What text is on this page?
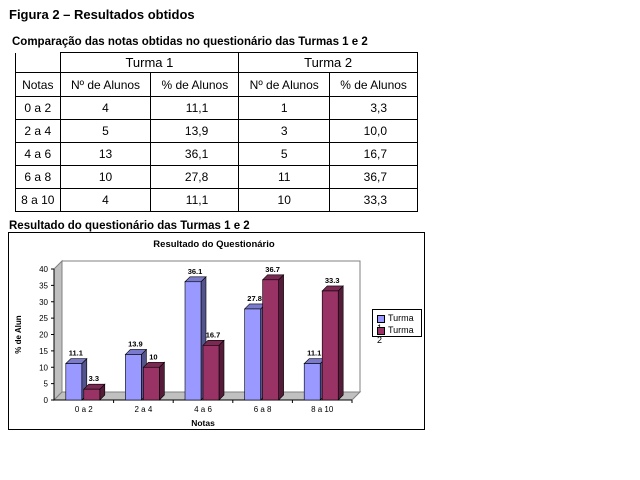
Figura 2 – Resultados obtidos
Comparação das notas obtidas no questionário das Turmas 1 e 2
	Turma 1		Turma 2	
Notas	Nº de Alunos	% de Alunos	Nº de Alunos	% de Alunos
0 a 2	4	11,1	1	3,3
2 a 4	5	13,9	3	10,0
4 a 6	13	36,1	5	16,7
6 a 8	10	27,8	11	36,7
8 a 10	4	11,1	10	33,3
Resultado do questionário das Turmas 1 e 2
Resultado do Questionário
0
5
10
15
20
25
30
35
40
% de Alun
0 a 2
11.1
3.3
2 a 4
13.9
10
4 a 6
36.1
16.7
6 a 8
27.8
36.7
8 a 10
11.1
33.3
Notas
Turma
Turma 2
